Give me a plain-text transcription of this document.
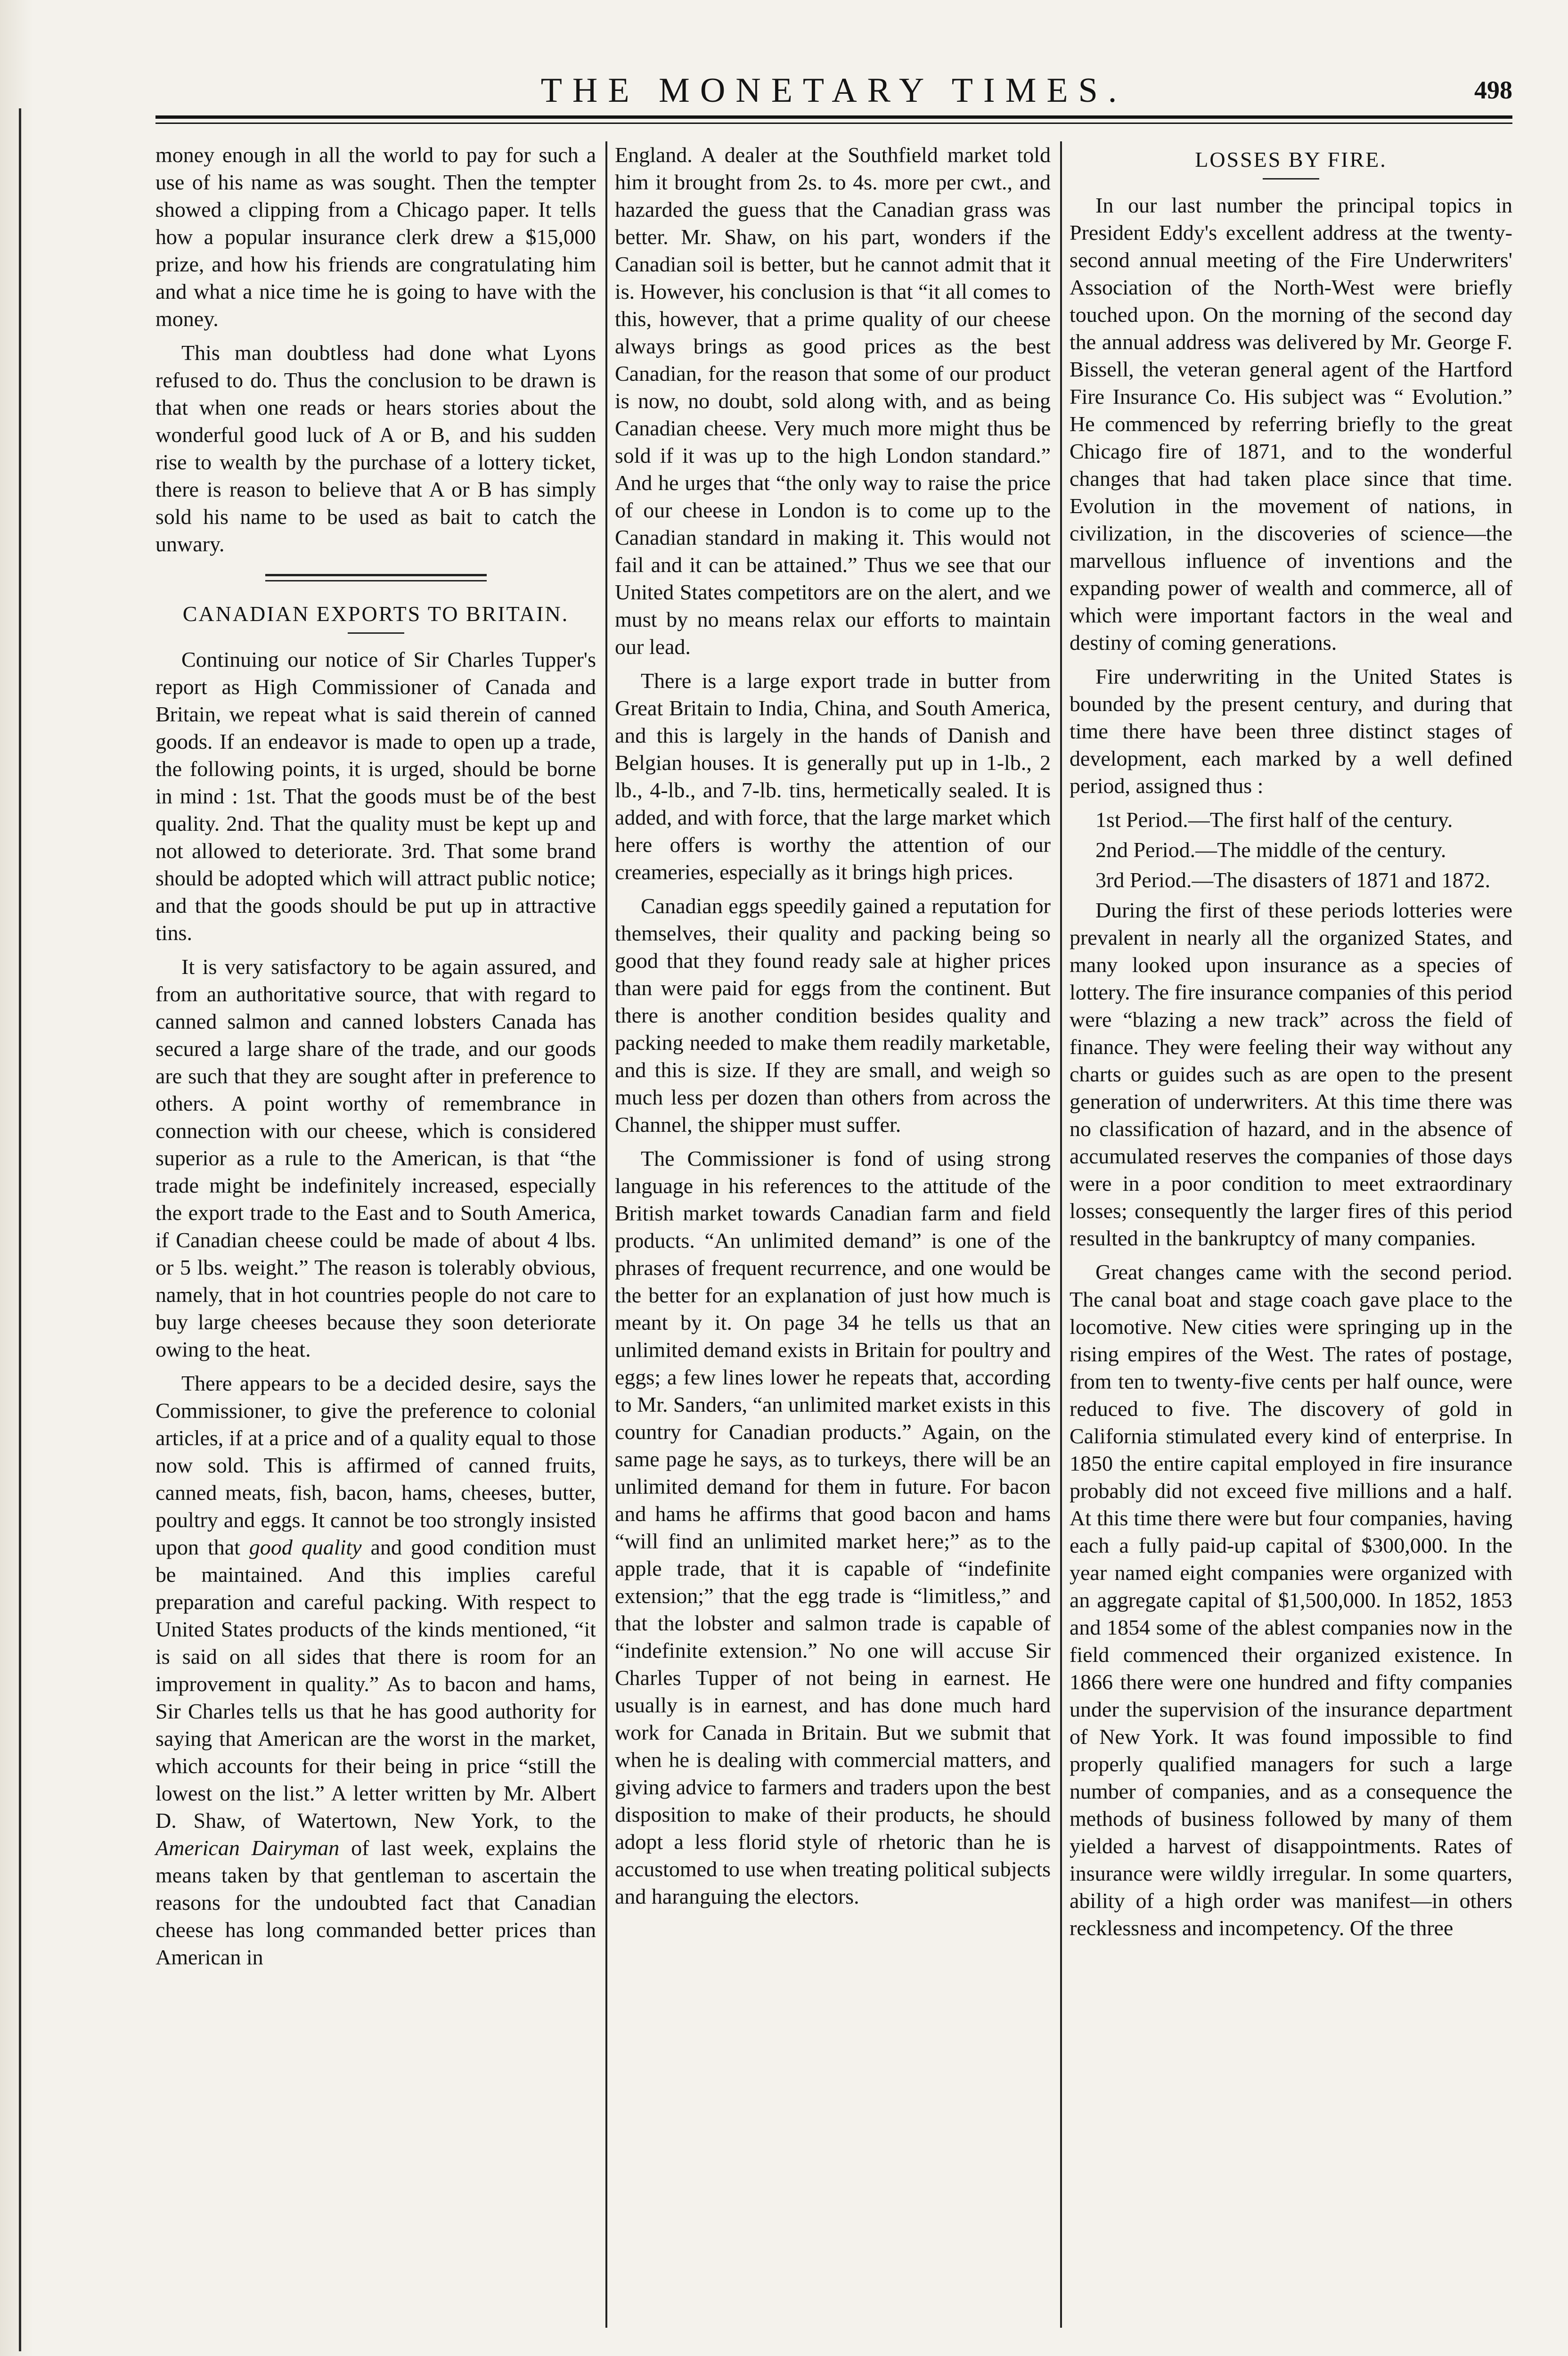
THE MONETARY TIMES.	498

money enough in all the world to pay for such a use of his name as was sought. Then the tempter showed a clipping from a Chicago paper. It tells how a popular insurance clerk drew a $15,000 prize, and how his friends are congratulating him and what a nice time he is going to have with the money.

This man doubtless had done what Lyons refused to do. Thus the conclusion to be drawn is that when one reads or hears stories about the wonderful good luck of A or B, and his sudden rise to wealth by the purchase of a lottery ticket, there is reason to believe that A or B has simply sold his name to be used as bait to catch the unwary.

CANADIAN EXPORTS TO BRITAIN.

Continuing our notice of Sir Charles Tupper's report as High Commissioner of Canada and Britain, we repeat what is said therein of canned goods. If an endeavor is made to open up a trade, the following points, it is urged, should be borne in mind : 1st. That the goods must be of the best quality. 2nd. That the quality must be kept up and not allowed to deteriorate. 3rd. That some brand should be adopted which will attract public notice; and that the goods should be put up in attractive tins.

It is very satisfactory to be again assured, and from an authoritative source, that with regard to canned salmon and canned lobsters Canada has secured a large share of the trade, and our goods are such that they are sought after in preference to others. A point worthy of remembrance in connection with our cheese, which is considered superior as a rule to the American, is that “the trade might be indefinitely increased, especially the export trade to the East and to South America, if Canadian cheese could be made of about 4 lbs. or 5 lbs. weight.” The reason is tolerably obvious, namely, that in hot countries people do not care to buy large cheeses because they soon deteriorate owing to the heat.

There appears to be a decided desire, says the Commissioner, to give the preference to colonial articles, if at a price and of a quality equal to those now sold. This is affirmed of canned fruits, canned meats, fish, bacon, hams, cheeses, butter, poultry and eggs. It cannot be too strongly insisted upon that good quality and good condition must be maintained. And this implies careful preparation and careful packing. With respect to United States products of the kinds mentioned, “it is said on all sides that there is room for an improvement in quality.” As to bacon and hams, Sir Charles tells us that he has good authority for saying that American are the worst in the market, which accounts for their being in price “still the lowest on the list.” A letter written by Mr. Albert D. Shaw, of Watertown, New York, to the American Dairyman of last week, explains the means taken by that gentleman to ascertain the reasons for the undoubted fact that Canadian cheese has long commanded better prices than American in

England. A dealer at the Southfield market told him it brought from 2s. to 4s. more per cwt., and hazarded the guess that the Canadian grass was better. Mr. Shaw, on his part, wonders if the Canadian soil is better, but he cannot admit that it is. However, his conclusion is that “it all comes to this, however, that a prime quality of our cheese always brings as good prices as the best Canadian, for the reason that some of our product is now, no doubt, sold along with, and as being Canadian cheese. Very much more might thus be sold if it was up to the high London standard.” And he urges that “the only way to raise the price of our cheese in London is to come up to the Canadian standard in making it. This would not fail and it can be attained.” Thus we see that our United States competitors are on the alert, and we must by no means relax our efforts to maintain our lead.

There is a large export trade in butter from Great Britain to India, China, and South America, and this is largely in the hands of Danish and Belgian houses. It is generally put up in 1-lb., 2 lb., 4-lb., and 7-lb. tins, hermetically sealed. It is added, and with force, that the large market which here offers is worthy the attention of our creameries, especially as it brings high prices.

Canadian eggs speedily gained a reputation for themselves, their quality and packing being so good that they found ready sale at higher prices than were paid for eggs from the continent. But there is another condition besides quality and packing needed to make them readily marketable, and this is size. If they are small, and weigh so much less per dozen than others from across the Channel, the shipper must suffer.

The Commissioner is fond of using strong language in his references to the attitude of the British market towards Canadian farm and field products. “An unlimited demand” is one of the phrases of frequent recurrence, and one would be the better for an explanation of just how much is meant by it. On page 34 he tells us that an unlimited demand exists in Britain for poultry and eggs; a few lines lower he repeats that, according to Mr. Sanders, “an unlimited market exists in this country for Canadian products.” Again, on the same page he says, as to turkeys, there will be an unlimited demand for them in future. For bacon and hams he affirms that good bacon and hams “will find an unlimited market here;” as to the apple trade, that it is capable of “indefinite extension;” that the egg trade is “limitless,” and that the lobster and salmon trade is capable of “indefinite extension.” No one will accuse Sir Charles Tupper of not being in earnest. He usually is in earnest, and has done much hard work for Canada in Britain. But we submit that when he is dealing with commercial matters, and giving advice to farmers and traders upon the best disposition to make of their products, he should adopt a less florid style of rhetoric than he is accustomed to use when treating political subjects and haranguing the electors.

LOSSES BY FIRE.

In our last number the principal topics in President Eddy's excellent address at the twenty-second annual meeting of the Fire Underwriters' Association of the North-West were briefly touched upon. On the morning of the second day the annual address was delivered by Mr. George F. Bissell, the veteran general agent of the Hartford Fire Insurance Co. His subject was “ Evolution.” He commenced by referring briefly to the great Chicago fire of 1871, and to the wonderful changes that had taken place since that time. Evolution in the movement of nations, in civilization, in the discoveries of science—the marvellous influence of inventions and the expanding power of wealth and commerce, all of which were important factors in the weal and destiny of coming generations.

Fire underwriting in the United States is bounded by the present century, and during that time there have been three distinct stages of development, each marked by a well defined period, assigned thus :

1st Period.—The first half of the century.
2nd Period.—The middle of the century.
3rd Period.—The disasters of 1871 and 1872.

During the first of these periods lotteries were prevalent in nearly all the organized States, and many looked upon insurance as a species of lottery. The fire insurance companies of this period were “blazing a new track” across the field of finance. They were feeling their way without any charts or guides such as are open to the present generation of underwriters. At this time there was no classification of hazard, and in the absence of accumulated reserves the companies of those days were in a poor condition to meet extraordinary losses; consequently the larger fires of this period resulted in the bankruptcy of many companies.

Great changes came with the second period. The canal boat and stage coach gave place to the locomotive. New cities were springing up in the rising empires of the West. The rates of postage, from ten to twenty-five cents per half ounce, were reduced to five. The discovery of gold in California stimulated every kind of enterprise. In 1850 the entire capital employed in fire insurance probably did not exceed five millions and a half. At this time there were but four companies, having each a fully paid-up capital of $300,000. In the year named eight companies were organized with an aggregate capital of $1,500,000. In 1852, 1853 and 1854 some of the ablest companies now in the field commenced their organized existence. In 1866 there were one hundred and fifty companies under the supervision of the insurance department of New York. It was found impossible to find properly qualified managers for such a large number of companies, and as a consequence the methods of business followed by many of them yielded a harvest of disappointments. Rates of insurance were wildly irregular. In some quarters, ability of a high order was manifest—in others recklessness and incompetency. Of the three
